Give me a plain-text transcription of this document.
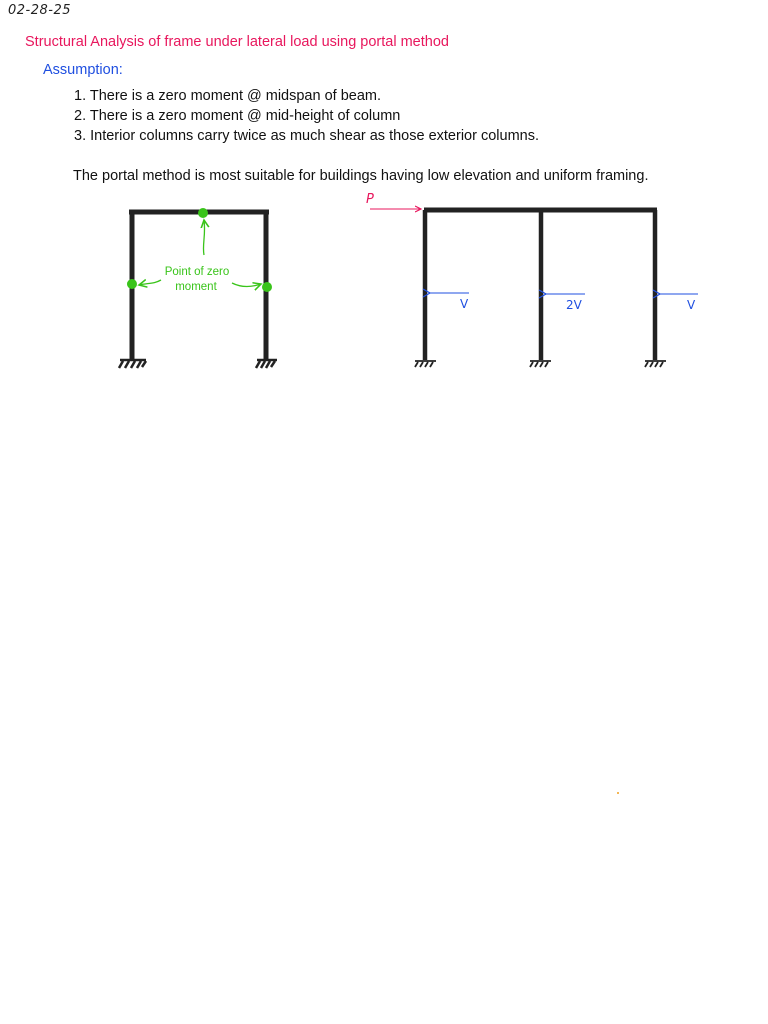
02-28-25
Structural Analysis of frame under lateral load using portal method
Assumption:
1. There is a zero moment @ midspan of beam.
2. There is a zero moment @ mid-height of column
3. Interior columns carry twice as much shear as those exterior columns.
The portal method is most suitable for buildings having low elevation and uniform framing.
Point of zero
moment
P
V	2V	V
